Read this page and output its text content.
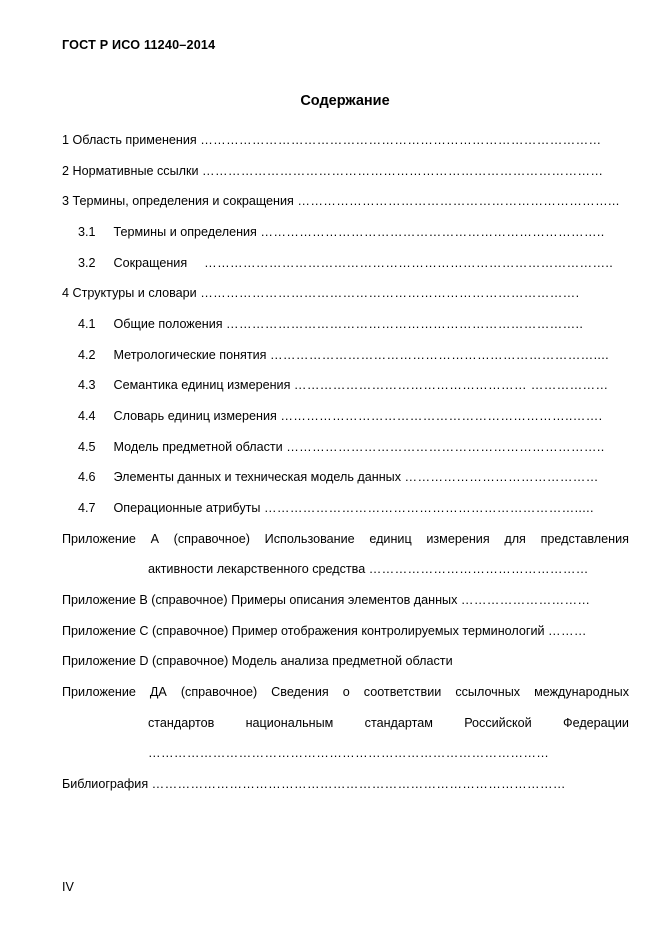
ГОСТ Р ИСО 11240–2014
Содержание
1 Область применения …………………………………………………………………………………
2 Нормативные ссылки …………………………………………………………………………………
3 Термины, определения и сокращения ………………………………………………………………...
3.1 Термины и определения ……………………………………………………………………..
3.2 Сокращения …………………………………………………………………………………..
4 Структуры и словари …………………………………………………………………………….
4.1 Общие положения ………………………………………………………………………..
4.2 Метрологические понятия …………………………………………………………………....
4.3 Семантика единиц измерения ……………………………………………… ………………
4.4 Словарь единиц измерения …………………………………………………………..…….
4.5 Модель предметной области ………………………………………………………………..
4.6 Элементы данных и техническая модель данных ………………………………………
4.7 Операционные атрибуты ……………………………………………………………….....
Приложение А (справочное) Использование единиц измерения для представления
активности лекарственного средства ……………………………………………
Приложение В (справочное) Примеры описания элементов данных …………………………
Приложение С (справочное) Пример отображения контролируемых терминологий ………
Приложение D (справочное) Модель анализа предметной области
Приложение ДА (справочное) Сведения о соответствии ссылочных международных
стандартов национальным стандартам Российской Федерации
…………………………………………………………………………………
Библиография ……………………………………………………………………………………
IV
